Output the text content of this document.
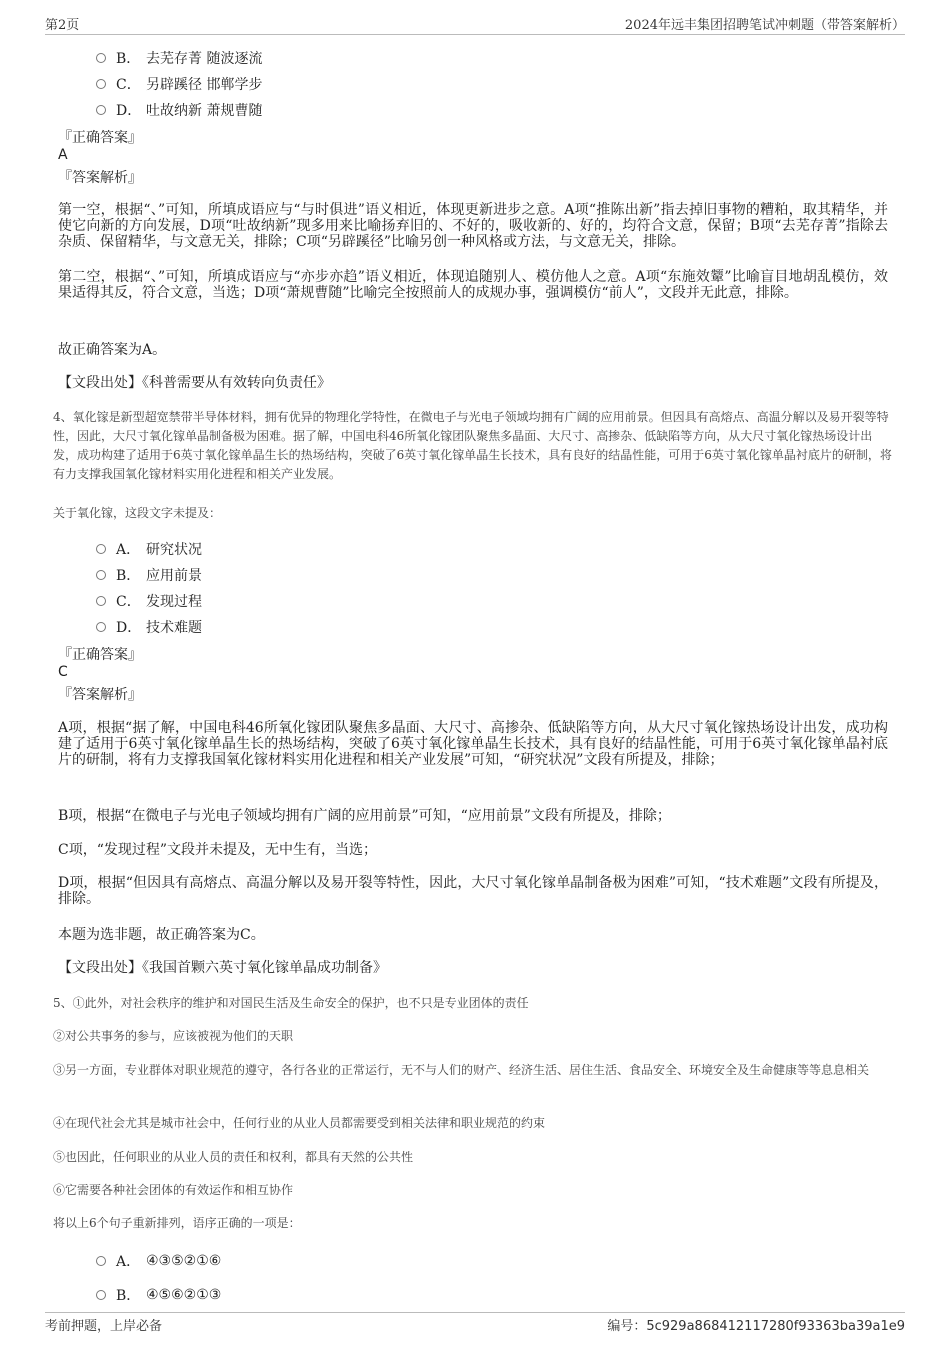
第2页	2024年远丰集团招聘笔试冲刺题（带答案解析）
B． 去芜存菁 随波逐流
C． 另辟蹊径 邯郸学步
D． 吐故纳新 萧规曹随
『正确答案』
A
『答案解析』
第一空，根据“、”可知，所填成语应与“与时俱进”语义相近，体现更新进步之意。A项“推陈出新”指去掉旧事物的糟粕，取其精华，并使它向新的方向发展，D项“吐故纳新”现多用来比喻扬弃旧的、不好的，吸收新的、好的，均符合文意，保留；B项“去芜存菁”指除去杂质、保留精华，与文意无关，排除；C项“另辟蹊径”比喻另创一种风格或方法，与文意无关，排除。
第二空，根据“、”可知，所填成语应与“亦步亦趋”语义相近，体现追随别人、模仿他人之意。A项“东施效颦”比喻盲目地胡乱模仿，效果适得其反，符合文意，当选；D项“萧规曹随”比喻完全按照前人的成规办事，强调模仿“前人”，文段并无此意，排除。
故正确答案为A。
【文段出处】《科普需要从有效转向负责任》
4、氧化镓是新型超宽禁带半导体材料，拥有优异的物理化学特性，在微电子与光电子领域均拥有广阔的应用前景。但因具有高熔点、高温分解以及易开裂等特性，因此，大尺寸氧化镓单晶制备极为困难。据了解，中国电科46所氧化镓团队聚焦多晶面、大尺寸、高掺杂、低缺陷等方向，从大尺寸氧化镓热场设计出发，成功构建了适用于6英寸氧化镓单晶生长的热场结构，突破了6英寸氧化镓单晶生长技术，具有良好的结晶性能，可用于6英寸氧化镓单晶衬底片的研制，将有力支撑我国氧化镓材料实用化进程和相关产业发展。
关于氧化镓，这段文字未提及：
A． 研究状况
B． 应用前景
C． 发现过程
D． 技术难题
『正确答案』
C
『答案解析』
A项，根据“据了解，中国电科46所氧化镓团队聚焦多晶面、大尺寸、高掺杂、低缺陷等方向，从大尺寸氧化镓热场设计出发，成功构建了适用于6英寸氧化镓单晶生长的热场结构，突破了6英寸氧化镓单晶生长技术，具有良好的结晶性能，可用于6英寸氧化镓单晶衬底片的研制，将有力支撑我国氧化镓材料实用化进程和相关产业发展”可知，“研究状况”文段有所提及，排除；
B项，根据“在微电子与光电子领域均拥有广阔的应用前景”可知，“应用前景”文段有所提及，排除；
C项，“发现过程”文段并未提及，无中生有，当选；
D项，根据“但因具有高熔点、高温分解以及易开裂等特性，因此，大尺寸氧化镓单晶制备极为困难”可知，“技术难题”文段有所提及，排除。
本题为选非题，故正确答案为C。
【文段出处】《我国首颗六英寸氧化镓单晶成功制备》
5、①此外，对社会秩序的维护和对国民生活及生命安全的保护，也不只是专业团体的责任
②对公共事务的参与，应该被视为他们的天职
③另一方面，专业群体对职业规范的遵守，各行各业的正常运行，无不与人们的财产、经济生活、居住生活、食品安全、环境安全及生命健康等等息息相关
④在现代社会尤其是城市社会中，任何行业的从业人员都需要受到相关法律和职业规范的约束
⑤也因此，任何职业的从业人员的责任和权利，都具有天然的公共性
⑥它需要各种社会团体的有效运作和相互协作
将以上6个句子重新排列，语序正确的一项是：
A． ④③⑤②①⑥
B． ④⑤⑥②①③
考前押题，上岸必备	编号：5c929a868412117280f93363ba39a1e9
